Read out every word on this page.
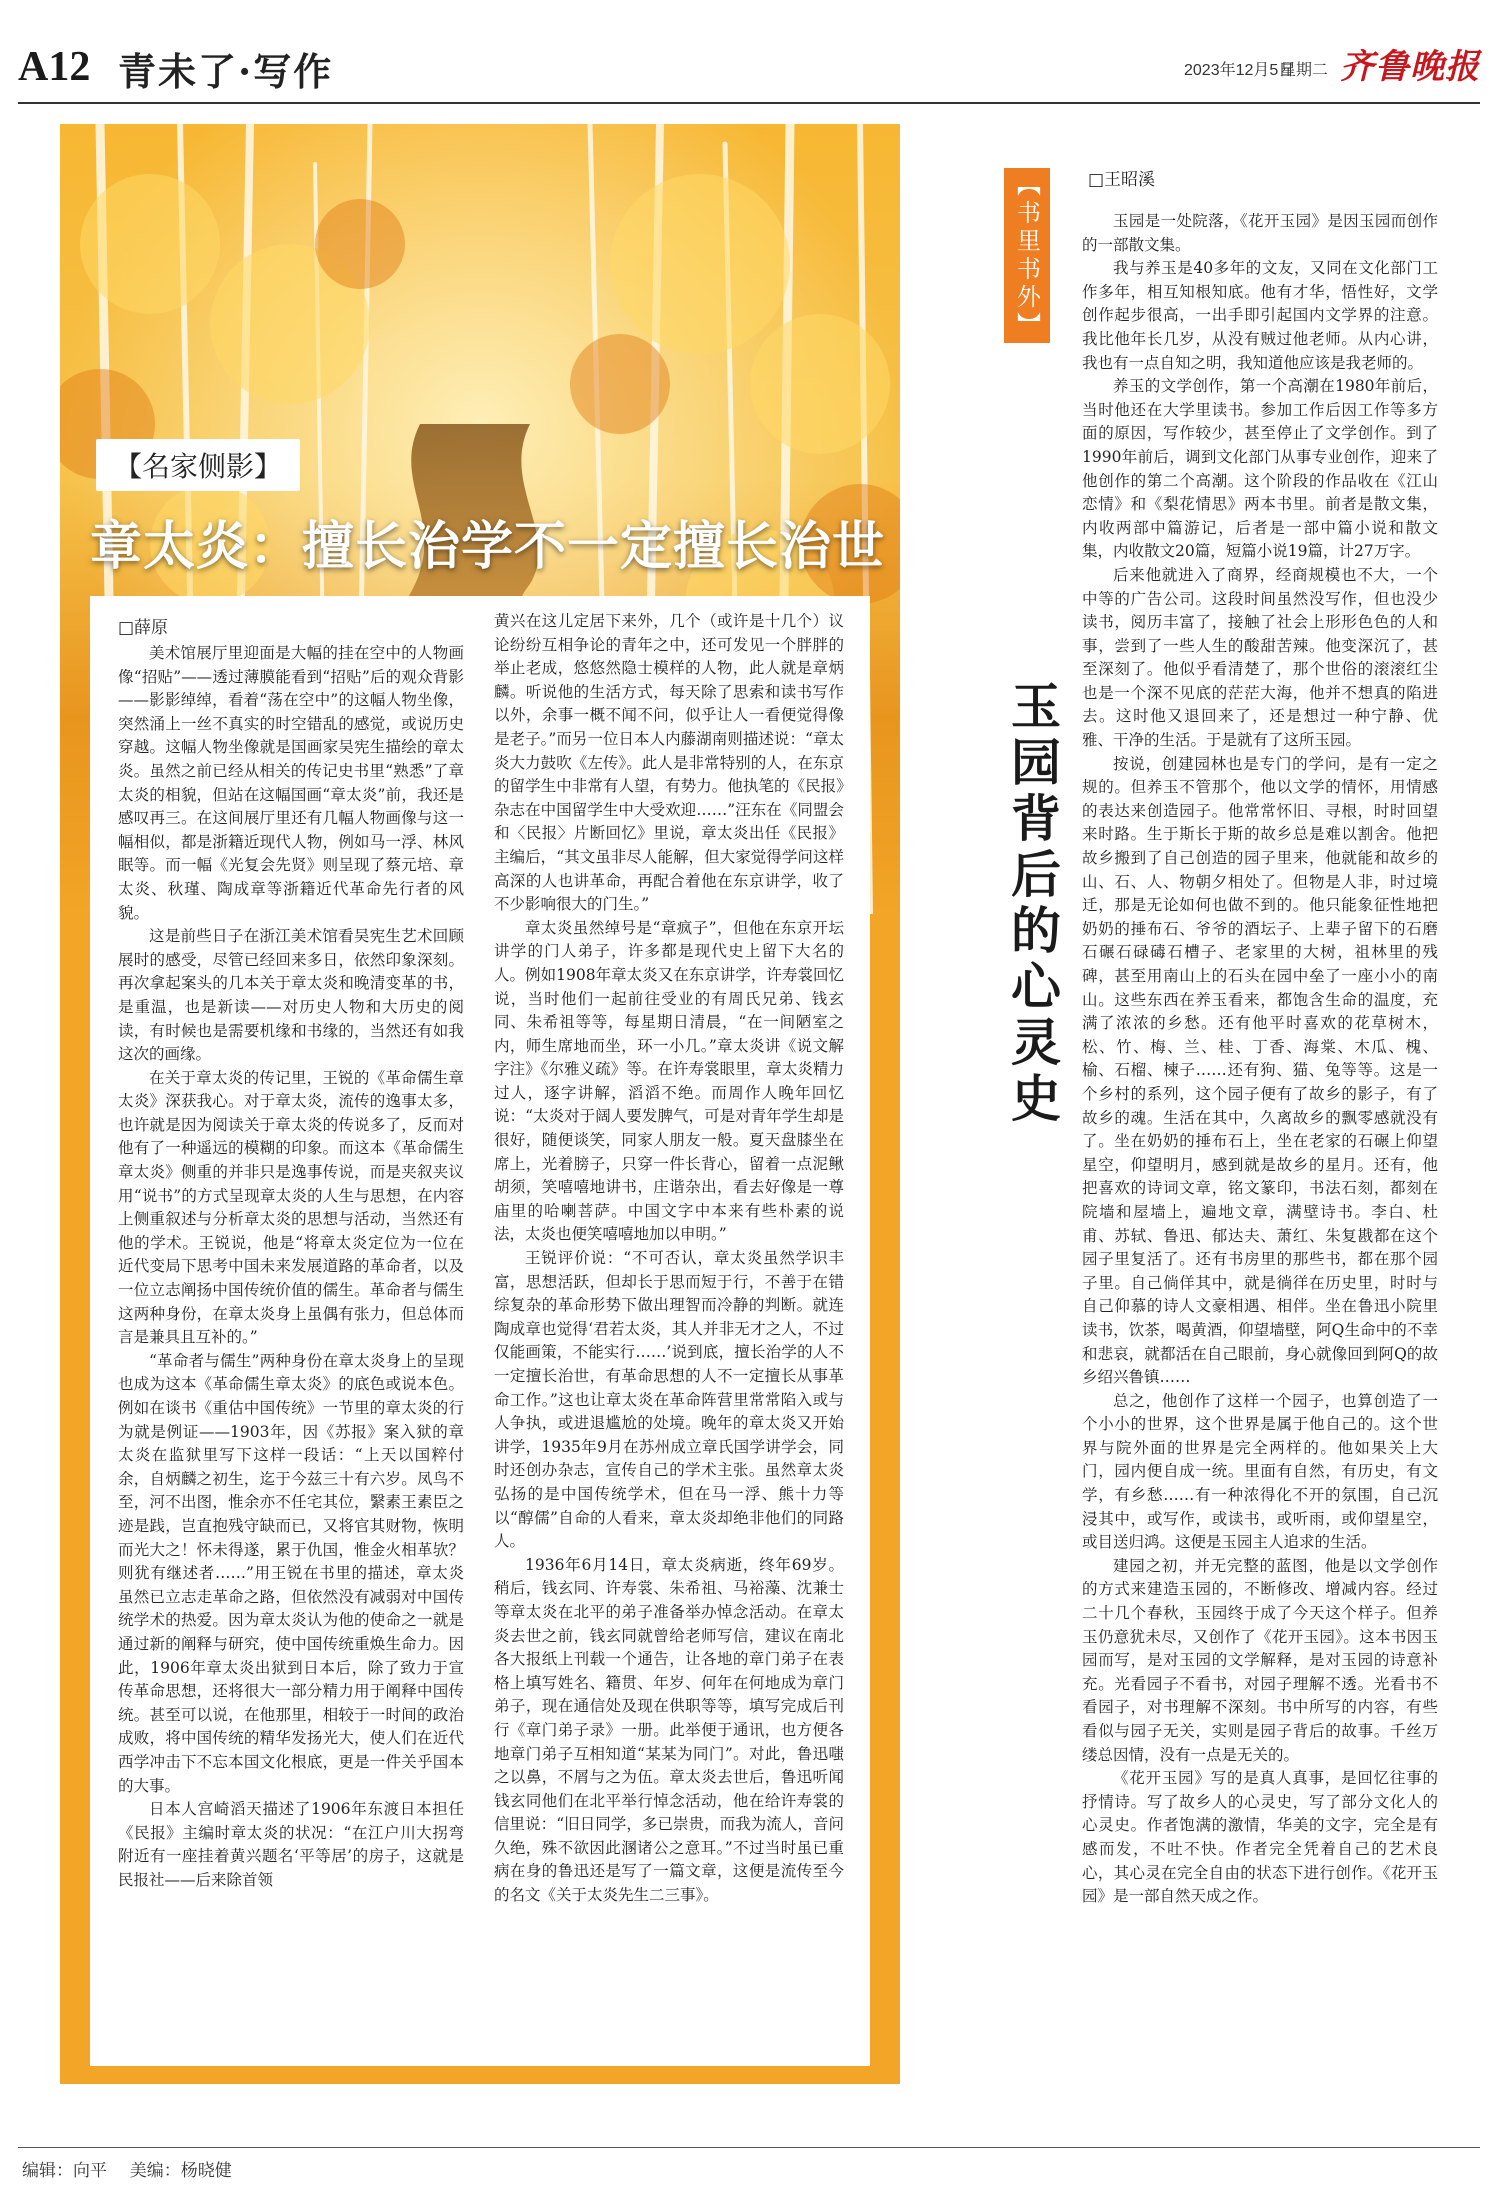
A12 青未了·写作	2023年12月5日
星期二 齐鲁晚报
【名家侧影】
章太炎：擅长治学不一定擅长治世
□薛原

美术馆展厅里迎面是大幅的挂在空中的人物画像“招贴”——透过薄膜能看到“招贴”后的观众背影——影影绰绰，看着“荡在空中”的这幅人物坐像，突然涌上一丝不真实的时空错乱的感觉，或说历史穿越。这幅人物坐像就是国画家吴宪生描绘的章太炎。虽然之前已经从相关的传记史书里“熟悉”了章太炎的相貌，但站在这幅国画“章太炎”前，我还是感叹再三。在这间展厅里还有几幅人物画像与这一幅相似，都是浙籍近现代人物，例如马一浮、林风眠等。而一幅《光复会先贤》则呈现了蔡元培、章太炎、秋瑾、陶成章等浙籍近代革命先行者的风貌。

这是前些日子在浙江美术馆看吴宪生艺术回顾展时的感受，尽管已经回来多日，依然印象深刻。再次拿起案头的几本关于章太炎和晚清变革的书，是重温，也是新读——对历史人物和大历史的阅读，有时候也是需要机缘和书缘的，当然还有如我这次的画缘。

在关于章太炎的传记里，王锐的《革命儒生章太炎》深获我心。对于章太炎，流传的逸事太多，也许就是因为阅读关于章太炎的传说多了，反而对他有了一种遥远的模糊的印象。而这本《革命儒生章太炎》侧重的并非只是逸事传说，而是夹叙夹议用“说书”的方式呈现章太炎的人生与思想，在内容上侧重叙述与分析章太炎的思想与活动，当然还有他的学术。王锐说，他是“将章太炎定位为一位在近代变局下思考中国未来发展道路的革命者，以及一位立志阐扬中国传统价值的儒生。革命者与儒生这两种身份，在章太炎身上虽偶有张力，但总体而言是兼具且互补的。”

“革命者与儒生”两种身份在章太炎身上的呈现也成为这本《革命儒生章太炎》的底色或说本色。例如在谈书《重估中国传统》一节里的章太炎的行为就是例证——1903年，因《苏报》案入狱的章太炎在监狱里写下这样一段话：“上天以国粹付余，自炳麟之初生，迄于今兹三十有六岁。凤鸟不至，河不出图，惟余亦不任宅其位，繄素王素臣之迹是践，岂直抱残守缺而已，又将官其财物，恢明而光大之！怀未得遂，累于仇国，惟金火相革欤？则犹有继述者……”用王锐在书里的描述，章太炎虽然已立志走革命之路，但依然没有减弱对中国传统学术的热爱。因为章太炎认为他的使命之一就是通过新的阐释与研究，使中国传统重焕生命力。因此，1906年章太炎出狱到日本后，除了致力于宣传革命思想，还将很大一部分精力用于阐释中国传统。甚至可以说，在他那里，相较于一时间的政治成败，将中国传统的精华发扬光大，使人们在近代西学冲击下不忘本国文化根底，更是一件关乎国本的大事。

日本人宫崎滔天描述了1906年东渡日本担任《民报》主编时章太炎的状况：“在江户川大拐弯附近有一座挂着黄兴题名‘平等居’的房子，这就是民报社——后来除首领

黄兴在这儿定居下来外，几个（或许是十几个）议论纷纷互相争论的青年之中，还可发见一个胖胖的举止老成，悠悠然隐士模样的人物，此人就是章炳麟。听说他的生活方式，每天除了思索和读书写作以外，余事一概不闻不问，似乎让人一看便觉得像是老子。”而另一位日本人内藤湖南则描述说：“章太炎大力鼓吹《左传》。此人是非常特别的人，在东京的留学生中非常有人望，有势力。他执笔的《民报》杂志在中国留学生中大受欢迎……”汪东在《同盟会和〈民报〉片断回忆》里说，章太炎出任《民报》主编后，“其文虽非尽人能解，但大家觉得学问这样高深的人也讲革命，再配合着他在东京讲学，收了不少影响很大的门生。”

章太炎虽然绰号是“章疯子”，但他在东京开坛讲学的门人弟子，许多都是现代史上留下大名的人。例如1908年章太炎又在东京讲学，许寿裳回忆说，当时他们一起前往受业的有周氏兄弟、钱玄同、朱希祖等等，每星期日清晨，“在一间陋室之内，师生席地而坐，环一小几。”章太炎讲《说文解字注》《尔雅义疏》等。在许寿裳眼里，章太炎精力过人，逐字讲解，滔滔不绝。而周作人晚年回忆说：“太炎对于阔人要发脾气，可是对青年学生却是很好，随便谈笑，同家人朋友一般。夏天盘膝坐在席上，光着膀子，只穿一件长背心，留着一点泥鳅胡须，笑嘻嘻地讲书，庄谐杂出，看去好像是一尊庙里的哈喇菩萨。中国文字中本来有些朴素的说法，太炎也便笑嘻嘻地加以申明。”

王锐评价说：“不可否认，章太炎虽然学识丰富，思想活跃，但却长于思而短于行，不善于在错综复杂的革命形势下做出理智而冷静的判断。就连陶成章也觉得‘君若太炎，其人并非无才之人，不过仅能画策，不能实行……’说到底，擅长治学的人不一定擅长治世，有革命思想的人不一定擅长从事革命工作。”这也让章太炎在革命阵营里常常陷入或与人争执，或进退尴尬的处境。晚年的章太炎又开始讲学，1935年9月在苏州成立章氏国学讲学会，同时还创办杂志，宣传自己的学术主张。虽然章太炎弘扬的是中国传统学术，但在马一浮、熊十力等以“醇儒”自命的人看来，章太炎却绝非他们的同路人。

1936年6月14日，章太炎病逝，终年69岁。稍后，钱玄同、许寿裳、朱希祖、马裕藻、沈兼士等章太炎在北平的弟子准备举办悼念活动。在章太炎去世之前，钱玄同就曾给老师写信，建议在南北各大报纸上刊载一个通告，让各地的章门弟子在表格上填写姓名、籍贯、年岁、何年在何地成为章门弟子，现在通信处及现在供职等等，填写完成后刊行《章门弟子录》一册。此举便于通讯，也方便各地章门弟子互相知道“某某为同门”。对此，鲁迅嗤之以鼻，不屑与之为伍。章太炎去世后，鲁迅听闻钱玄同他们在北平举行悼念活动，他在给许寿裳的信里说：“旧日同学，多已崇贵，而我为流人，音问久绝，殊不欲因此溷诸公之意耳。”不过当时虽已重病在身的鲁迅还是写了一篇文章，这便是流传至今的名文《关于太炎先生二三事》。

【书里书外】
玉园背后的心灵史
□王昭溪

玉园是一处院落，《花开玉园》是因玉园而创作的一部散文集。

我与养玉是40多年的文友，又同在文化部门工作多年，相互知根知底。他有才华，悟性好，文学创作起步很高，一出手即引起国内文学界的注意。我比他年长几岁，从没有贼过他老师。从内心讲，我也有一点自知之明，我知道他应该是我老师的。

养玉的文学创作，第一个高潮在1980年前后，当时他还在大学里读书。参加工作后因工作等多方面的原因，写作较少，甚至停止了文学创作。到了1990年前后，调到文化部门从事专业创作，迎来了他创作的第二个高潮。这个阶段的作品收在《江山恋情》和《梨花情思》两本书里。前者是散文集，内收两部中篇游记，后者是一部中篇小说和散文集，内收散文20篇，短篇小说19篇，计27万字。

后来他就进入了商界，经商规模也不大，一个中等的广告公司。这段时间虽然没写作，但也没少读书，阅历丰富了，接触了社会上形形色色的人和事，尝到了一些人生的酸甜苦辣。他变深沉了，甚至深刻了。他似乎看清楚了，那个世俗的滚滚红尘也是一个深不见底的茫茫大海，他并不想真的陷进去。这时他又退回来了，还是想过一种宁静、优雅、干净的生活。于是就有了这所玉园。

按说，创建园林也是专门的学问，是有一定之规的。但养玉不管那个，他以文学的情怀，用情感的表达来创造园子。他常常怀旧、寻根，时时回望来时路。生于斯长于斯的故乡总是难以割舍。他把故乡搬到了自己创造的园子里来，他就能和故乡的山、石、人、物朝夕相处了。但物是人非，时过境迁，那是无论如何也做不到的。他只能象征性地把奶奶的捶布石、爷爷的酒坛子、上辈子留下的石磨石碾石碌碡石槽子、老家里的大树，祖林里的残碑，甚至用南山上的石头在园中垒了一座小小的南山。这些东西在养玉看来，都饱含生命的温度，充满了浓浓的乡愁。还有他平时喜欢的花草树木，松、竹、梅、兰、桂、丁香、海棠、木瓜、槐、榆、石榴、楝子……还有狗、猫、兔等等。这是一个乡村的系列，这个园子便有了故乡的影子，有了故乡的魂。生活在其中，久离故乡的飘零感就没有了。坐在奶奶的捶布石上，坐在老家的石碾上仰望星空，仰望明月，感到就是故乡的星月。还有，他把喜欢的诗词文章，铭文篆印，书法石刻，都刻在院墙和屋墙上，遍地文章，满壁诗书。李白、杜甫、苏轼、鲁迅、郁达夫、萧红、朱复戡都在这个园子里复活了。还有书房里的那些书，都在那个园子里。自己倘佯其中，就是徜徉在历史里，时时与自己仰慕的诗人文豪相遇、相伴。坐在鲁迅小院里读书，饮茶，喝黄酒，仰望墙壁，阿Q生命中的不幸和悲哀，就都活在自己眼前，身心就像回到阿Q的故乡绍兴鲁镇……

总之，他创作了这样一个园子，也算创造了一个小小的世界，这个世界是属于他自己的。这个世界与院外面的世界是完全两样的。他如果关上大门，园内便自成一统。里面有自然，有历史，有文学，有乡愁……有一种浓得化不开的氛围，自己沉浸其中，或写作，或读书，或听雨，或仰望星空，或目送归鸿。这便是玉园主人追求的生活。

建园之初，并无完整的蓝图，他是以文学创作的方式来建造玉园的，不断修改、增减内容。经过二十几个春秋，玉园终于成了今天这个样子。但养玉仍意犹未尽，又创作了《花开玉园》。这本书因玉园而写，是对玉园的文学解释，是对玉园的诗意补充。光看园子不看书，对园子理解不透。光看书不看园子，对书理解不深刻。书中所写的内容，有些看似与园子无关，实则是园子背后的故事。千丝万缕总因情，没有一点是无关的。

《花开玉园》写的是真人真事，是回忆往事的抒情诗。写了故乡人的心灵史，写了部分文化人的心灵史。作者饱满的激情，华美的文字，完全是有感而发，不吐不快。作者完全凭着自己的艺术良心，其心灵在完全自由的状态下进行创作。《花开玉园》是一部自然天成之作。

编辑：向平 美编：杨晓健
